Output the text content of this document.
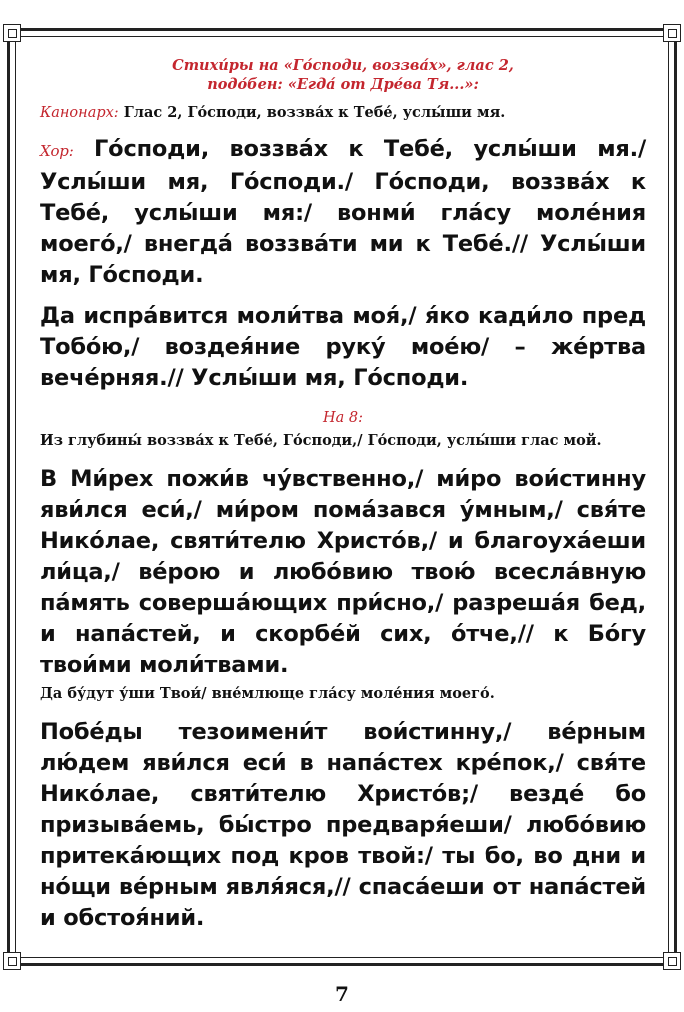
Стихи́ры на «Го́споди, воззва́х», глас 2,
подо́бен: «Егда́ от Дре́ва Тя...»:

Канонарх: Глас 2, Го́споди, воззва́х к Тебе́, услы́ши мя.

Хор: Го́споди, воззва́х к Тебе́, услы́ши мя./ Услы́ши мя, Го́споди./ Го́споди, воззва́х к Тебе́, услы́ши мя:/ вонми́ гла́су моле́ния моего́,/ внегда́ воззва́ти ми к Тебе́.// Услы́ши мя, Го́споди.

Да испра́вится моли́тва моя́,/ я́ко кади́ло пред Тобо́ю,/ воздея́ние руку́ мое́ю/ – же́ртва вече́рняя.// Услы́ши мя, Го́споди.

На 8:

Из глубины́ воззва́х к Тебе́, Го́споди,/ Го́споди, услы́ши глас мой.

В Ми́рех пожи́в чу́вственно,/ ми́ро вои́стинну яви́лся еси́,/ ми́ром пома́зався у́мным,/ свя́те Нико́лае, святи́телю Христо́в,/ и благоуха́еши ли́ца,/ ве́рою и любо́вию твою́ всесла́вную па́мять соверша́ющих при́сно,/ разреша́я бед, и напа́стей, и скорбе́й сих, о́тче,// к Бо́гу твои́ми моли́твами.

Да бу́дут у́ши Твои́/ вне́млюще гла́су моле́ния моего́.

Побе́ды тезоимени́т вои́стинну,/ ве́рным лю́дем яви́лся еси́ в напа́стех кре́пок,/ свя́те Нико́лае, святи́телю Христо́в;/ везде́ бо призыва́емь, бы́стро предваря́еши/ любо́вию притека́ющих под кров твой:/ ты бо, во дни и но́щи ве́рным явля́яся,// спаса́еши от напа́стей и обстоя́ний.

7
